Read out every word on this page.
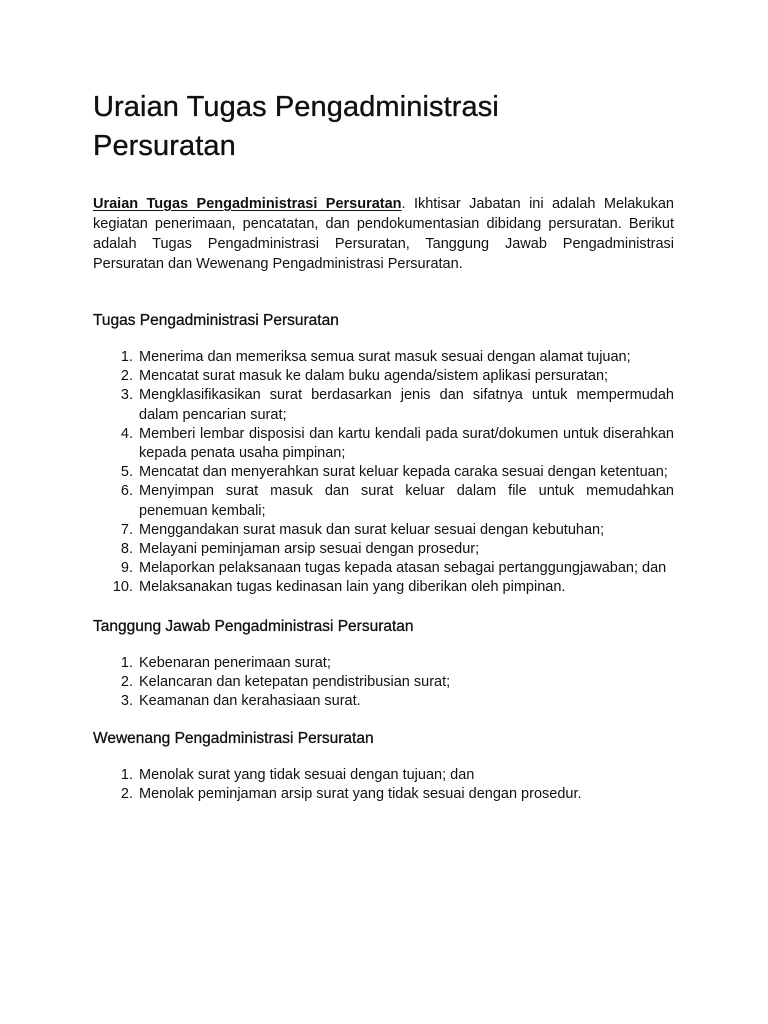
Uraian Tugas Pengadministrasi
Persuratan

Uraian Tugas Pengadministrasi Persuratan. Ikhtisar Jabatan ini adalah Melakukan kegiatan penerimaan, pencatatan, dan pendokumentasian dibidang persuratan. Berikut adalah Tugas Pengadministrasi Persuratan, Tanggung Jawab Pengadministrasi Persuratan dan Wewenang Pengadministrasi Persuratan.

Tugas Pengadministrasi Persuratan
1. Menerima dan memeriksa semua surat masuk sesuai dengan alamat tujuan;
2. Mencatat surat masuk ke dalam buku agenda/sistem aplikasi persuratan;
3. Mengklasifikasikan surat berdasarkan jenis dan sifatnya untuk mempermudah dalam pencarian surat;
4. Memberi lembar disposisi dan kartu kendali pada surat/dokumen untuk diserahkan kepada penata usaha pimpinan;
5. Mencatat dan menyerahkan surat keluar kepada caraka sesuai dengan ketentuan;
6. Menyimpan surat masuk dan surat keluar dalam file untuk memudahkan penemuan kembali;
7. Menggandakan surat masuk dan surat keluar sesuai dengan kebutuhan;
8. Melayani peminjaman arsip sesuai dengan prosedur;
9. Melaporkan pelaksanaan tugas kepada atasan sebagai pertanggungjawaban; dan
10. Melaksanakan tugas kedinasan lain yang diberikan oleh pimpinan.
Tanggung Jawab Pengadministrasi Persuratan
1. Kebenaran penerimaan surat;
2. Kelancaran dan ketepatan pendistribusian surat;
3. Keamanan dan kerahasiaan surat.
Wewenang Pengadministrasi Persuratan
1. Menolak surat yang tidak sesuai dengan tujuan; dan
2. Menolak peminjaman arsip surat yang tidak sesuai dengan prosedur.
